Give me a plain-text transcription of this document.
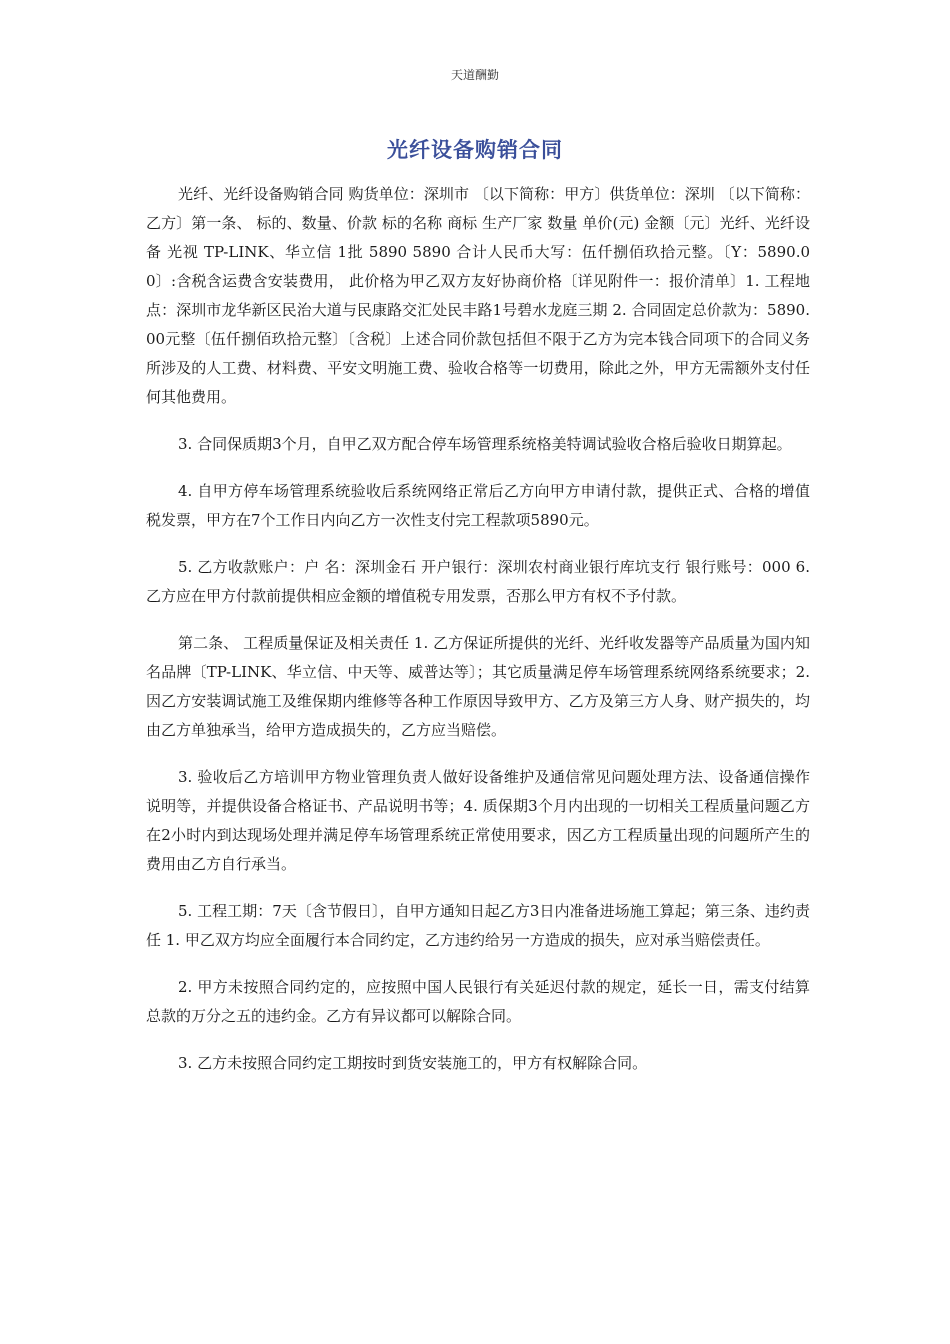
天道酬勤
光纤设备购销合同

光纤、光纤设备购销合同 购货单位：深圳市 〔以下简称：甲方〕供货单位：深圳 〔以下简称：乙方〕第一条、 标的、数量、价款 标的名称 商标 生产厂家 数量 单价(元) 金额〔元〕光纤、光纤设备 光视 TP-LINK、华立信 1批 5890 5890 合计人民币大写：伍仟捌佰玖拾元整。〔Y：5890.00〕:含税含运费含安装费用， 此价格为甲乙双方友好协商价格〔详见附件一：报价清单〕1. 工程地点：深圳市龙华新区民治大道与民康路交汇处民丰路1号碧水龙庭三期 2. 合同固定总价款为：5890.00元整〔伍仟捌佰玖拾元整〕〔含税〕上述合同价款包括但不限于乙方为完本钱合同项下的合同义务所涉及的人工费、材料费、平安文明施工费、验收合格等一切费用，除此之外，甲方无需额外支付任何其他费用。

3. 合同保质期3个月，自甲乙双方配合停车场管理系统格美特调试验收合格后验收日期算起。

4. 自甲方停车场管理系统验收后系统网络正常后乙方向甲方申请付款，提供正式、合格的增值税发票，甲方在7个工作日内向乙方一次性支付完工程款项5890元。

5. 乙方收款账户：户 名：深圳金石 开户银行：深圳农村商业银行库坑支行 银行账号：000 6. 乙方应在甲方付款前提供相应金额的增值税专用发票，否那么甲方有权不予付款。

第二条、 工程质量保证及相关责任 1. 乙方保证所提供的光纤、光纤收发器等产品质量为国内知名品牌〔TP-LINK、华立信、中天等、威普达等〕；其它质量满足停车场管理系统网络系统要求；2. 因乙方安装调试施工及维保期内维修等各种工作原因导致甲方、乙方及第三方人身、财产损失的，均由乙方单独承当，给甲方造成损失的，乙方应当赔偿。

3. 验收后乙方培训甲方物业管理负责人做好设备维护及通信常见问题处理方法、设备通信操作说明等，并提供设备合格证书、产品说明书等；4. 质保期3个月内出现的一切相关工程质量问题乙方在2小时内到达现场处理并满足停车场管理系统正常使用要求，因乙方工程质量出现的问题所产生的费用由乙方自行承当。

5. 工程工期：7天〔含节假日〕，自甲方通知日起乙方3日内准备进场施工算起；第三条、违约责任 1. 甲乙双方均应全面履行本合同约定，乙方违约给另一方造成的损失，应对承当赔偿责任。

2. 甲方未按照合同约定的，应按照中国人民银行有关延迟付款的规定，延长一日，需支付结算总款的万分之五的违约金。乙方有异议都可以解除合同。

3. 乙方未按照合同约定工期按时到货安装施工的，甲方有权解除合同。
